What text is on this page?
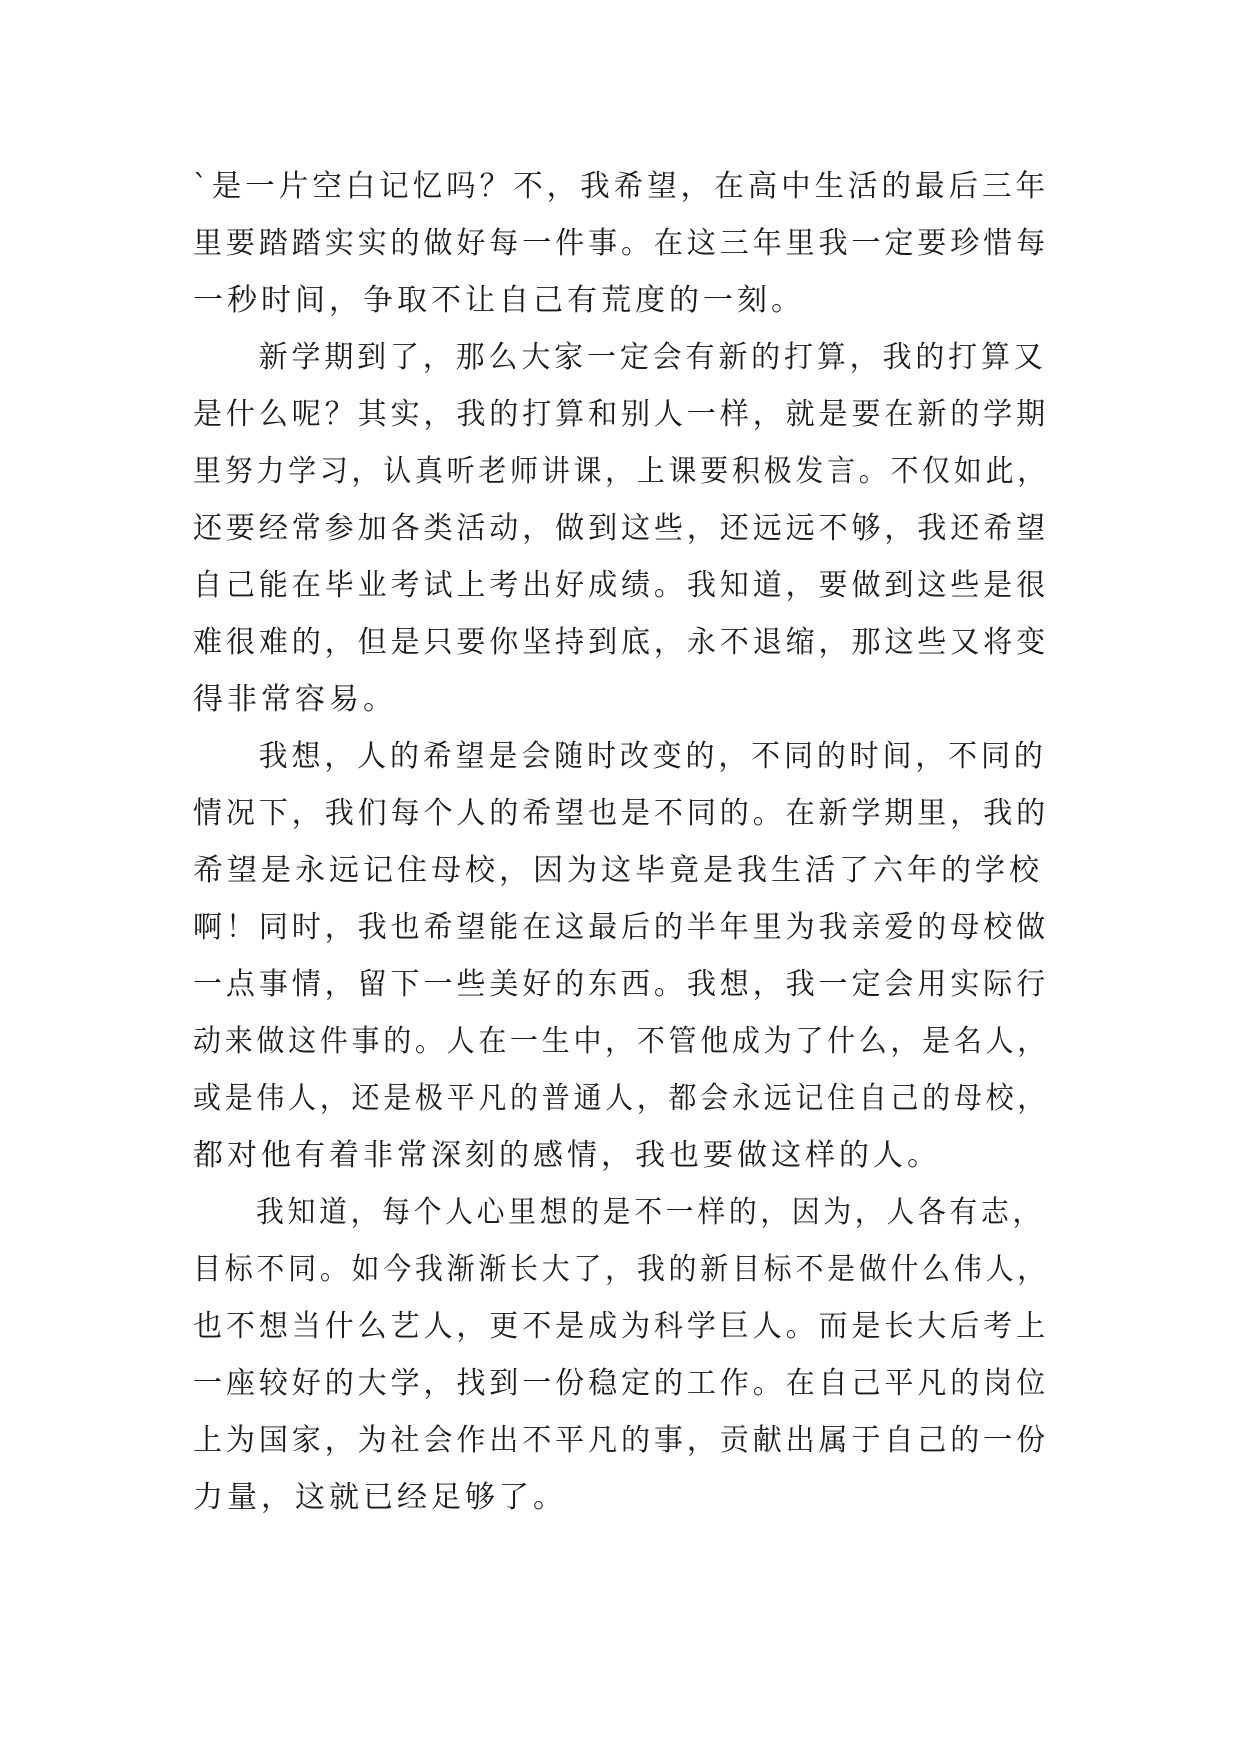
`是一片空白记忆吗？不，我希望，在高中生活的最后三年
里要踏踏实实的做好每一件事。在这三年里我一定要珍惜每
一秒时间，争取不让自己有荒度的一刻。
新学期到了，那么大家一定会有新的打算，我的打算又
是什么呢？其实，我的打算和别人一样，就是要在新的学期
里努力学习，认真听老师讲课，上课要积极发言。不仅如此，
还要经常参加各类活动，做到这些，还远远不够，我还希望
自己能在毕业考试上考出好成绩。我知道，要做到这些是很
难很难的，但是只要你坚持到底，永不退缩，那这些又将变
得非常容易。
我想，人的希望是会随时改变的，不同的时间，不同的
情况下，我们每个人的希望也是不同的。在新学期里，我的
希望是永远记住母校，因为这毕竟是我生活了六年的学校
啊！同时，我也希望能在这最后的半年里为我亲爱的母校做
一点事情，留下一些美好的东西。我想，我一定会用实际行
动来做这件事的。人在一生中，不管他成为了什么，是名人，
或是伟人，还是极平凡的普通人，都会永远记住自己的母校，
都对他有着非常深刻的感情，我也要做这样的人。
我知道，每个人心里想的是不一样的，因为，人各有志，
目标不同。如今我渐渐长大了，我的新目标不是做什么伟人，
也不想当什么艺人，更不是成为科学巨人。而是长大后考上
一座较好的大学，找到一份稳定的工作。在自己平凡的岗位
上为国家，为社会作出不平凡的事，贡献出属于自己的一份
力量，这就已经足够了。
